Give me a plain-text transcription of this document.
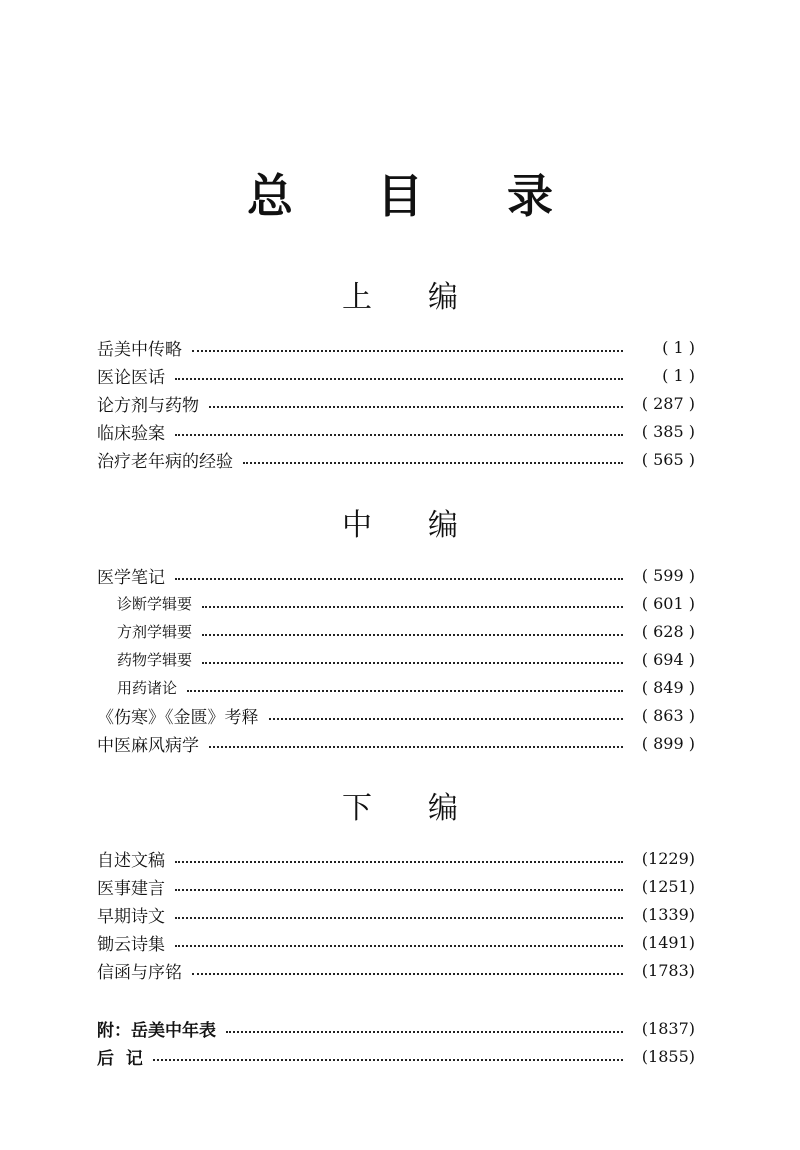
总 目 录
上 编
岳美中传略	( 1 )
医论医话	( 1 )
论方剂与药物	( 287 )
临床验案	( 385 )
治疗老年病的经验	( 565 )
中 编
医学笔记	( 599 )
诊断学辑要	( 601 )
方剂学辑要	( 628 )
药物学辑要	( 694 )
用药诸论	( 849 )
《伤寒》《金匮》考释	( 863 )
中医麻风病学	( 899 )
下 编
自述文稿	(1229)
医事建言	(1251)
早期诗文	(1339)
锄云诗集	(1491)
信函与序铭	(1783)
附：岳美中年表	(1837)
后  记	(1855)
